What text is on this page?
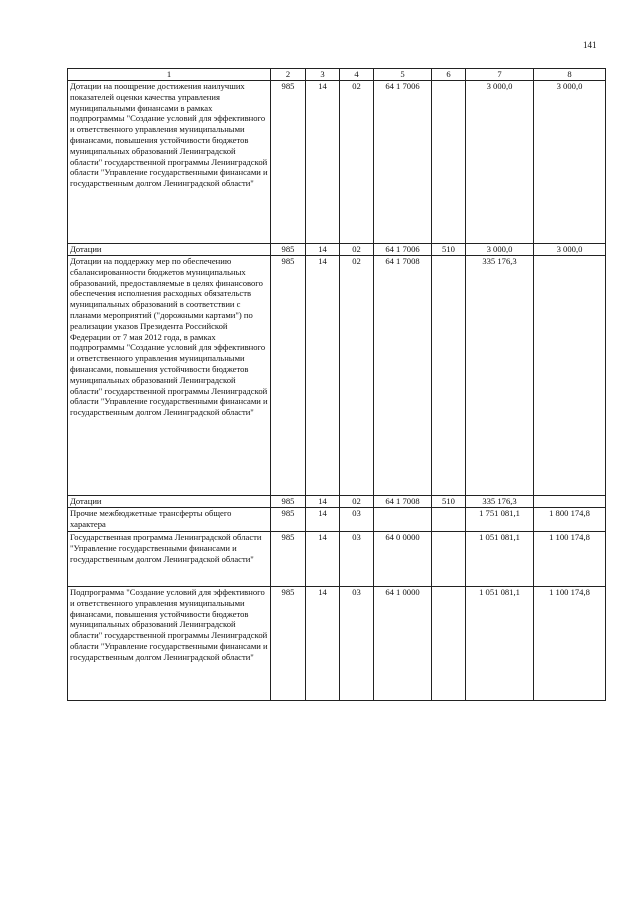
141
1	2	3	4	5	6	7	8
Дотации на поощрение достижения наилучших показателей оценки качества управления муниципальными финансами в рамках подпрограммы "Создание условий для эффективного и ответственного управления муниципальными финансами, повышения устойчивости бюджетов муниципальных образований Ленинградской области" государственной программы Ленинградской области "Управление государственными финансами и государственным долгом Ленинградской области"	985	14	02	64 1 7006		3 000,0	3 000,0
Дотации	985	14	02	64 1 7006	510	3 000,0	3 000,0
Дотации на поддержку мер по обеспечению сбалансированности бюджетов муниципальных образований, предоставляемые в целях финансового обеспечения исполнения расходных обязательств муниципальных образований в соответствии с планами мероприятий ("дорожными картами") по реализации указов Президента Российской Федерации от 7 мая 2012 года, в рамках подпрограммы "Создание условий для эффективного и ответственного управления муниципальными финансами, повышения устойчивости бюджетов муниципальных образований Ленинградской области" государственной программы Ленинградской области "Управление государственными финансами и государственным долгом Ленинградской области"	985	14	02	64 1 7008		335 176,3	
Дотации	985	14	02	64 1 7008	510	335 176,3	
Прочие межбюджетные трансферты общего характера	985	14	03			1 751 081,1	1 800 174,8
Государственная программа Ленинградской области "Управление государственными финансами и государственным долгом Ленинградской области"	985	14	03	64 0 0000		1 051 081,1	1 100 174,8
Подпрограмма "Создание условий для эффективного и ответственного управления муниципальными финансами, повышения устойчивости бюджетов муниципальных образований Ленинградской области" государственной программы Ленинградской области "Управление государственными финансами и государственным долгом Ленинградской области"	985	14	03	64 1 0000		1 051 081,1	1 100 174,8
